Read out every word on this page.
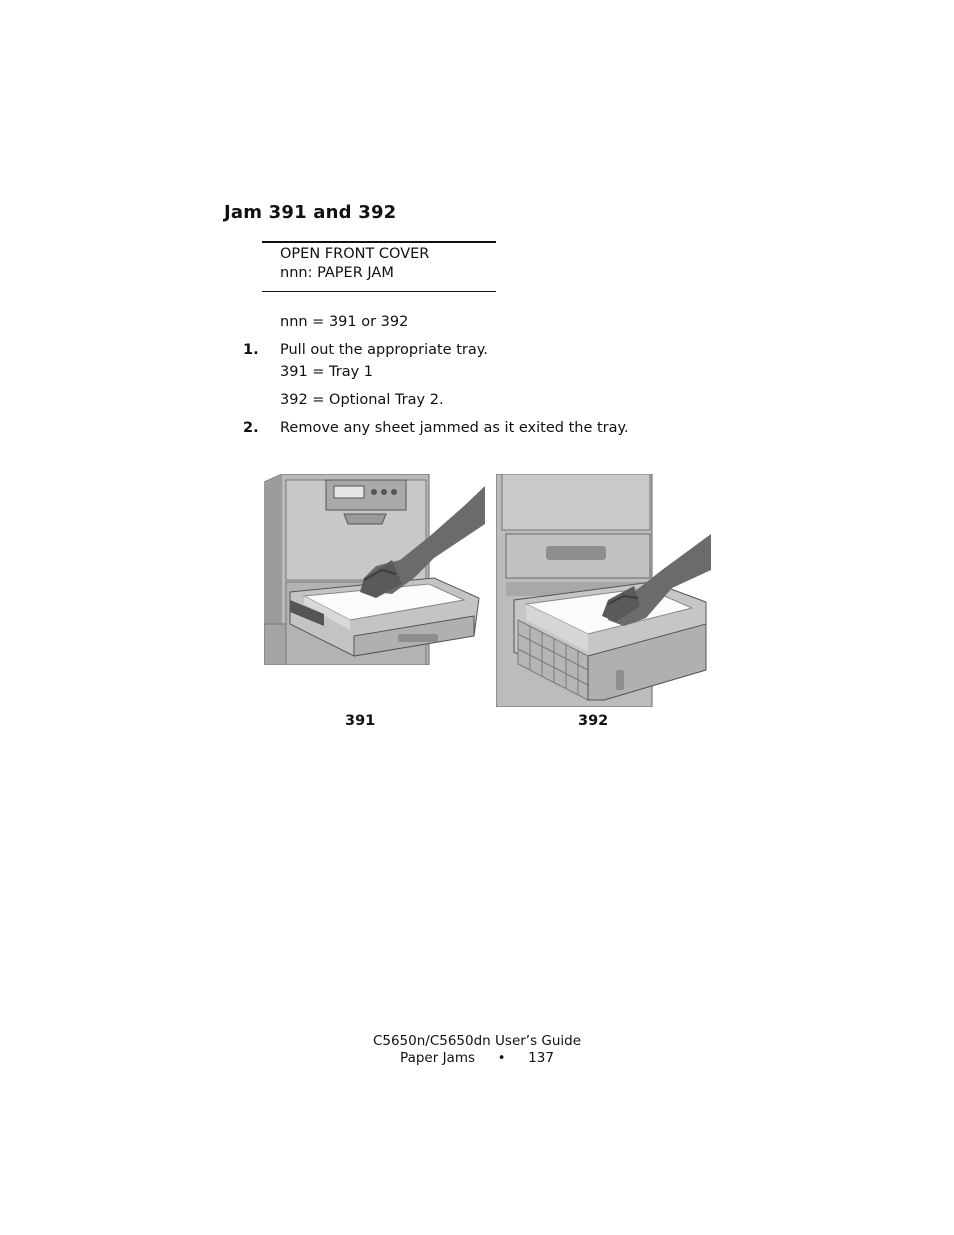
Jam 391 and 392
OPEN FRONT COVER
nnn: PAPER JAM
nnn = 391 or 392
1. Pull out the appropriate tray.
391 = Tray 1
392 = Optional Tray 2.
2. Remove any sheet jammed as it exited the tray.
391	392
C5650n/C5650dn User’s Guide
Paper Jams • 137
